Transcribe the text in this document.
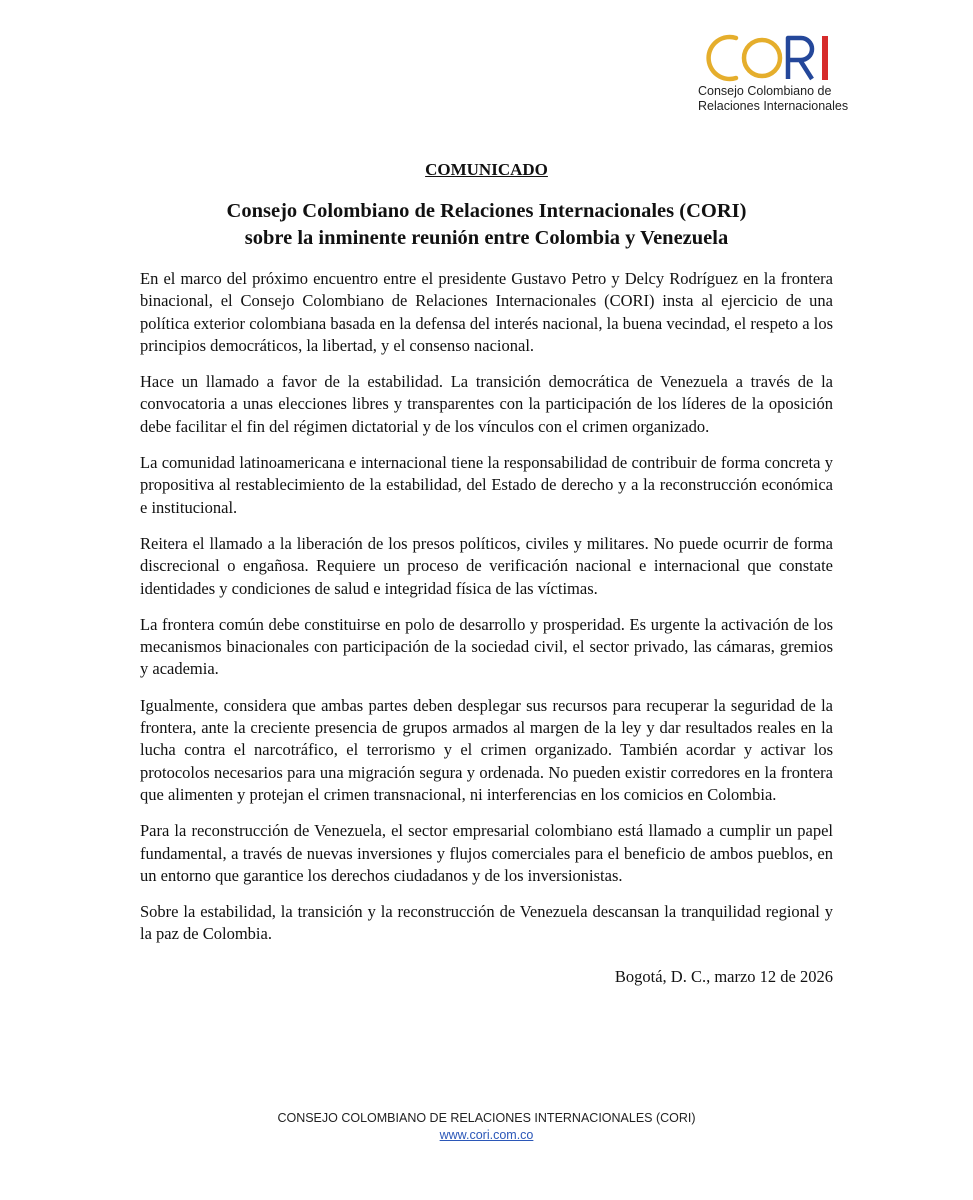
Consejo Colombiano de
Relaciones Internacionales
COMUNICADO
Consejo Colombiano de Relaciones Internacionales (CORI)
sobre la inminente reunión entre Colombia y Venezuela

En el marco del próximo encuentro entre el presidente Gustavo Petro y Delcy Rodríguez en la frontera binacional, el Consejo Colombiano de Relaciones Internacionales (CORI) insta al ejercicio de una política exterior colombiana basada en la defensa del interés nacional, la buena vecindad, el respeto a los principios democráticos, la libertad, y el consenso nacional.

Hace un llamado a favor de la estabilidad. La transición democrática de Venezuela a través de la convocatoria a unas elecciones libres y transparentes con la participación de los líderes de la oposición debe facilitar el fin del régimen dictatorial y de los vínculos con el crimen organizado.

La comunidad latinoamericana e internacional tiene la responsabilidad de contribuir de forma concreta y propositiva al restablecimiento de la estabilidad, del Estado de derecho y a la reconstrucción económica e institucional.

Reitera el llamado a la liberación de los presos políticos, civiles y militares. No puede ocurrir de forma discrecional o engañosa. Requiere un proceso de verificación nacional e internacional que constate identidades y condiciones de salud e integridad física de las víctimas.

La frontera común debe constituirse en polo de desarrollo y prosperidad. Es urgente la activación de los mecanismos binacionales con participación de la sociedad civil, el sector privado, las cámaras, gremios y academia.

Igualmente, considera que ambas partes deben desplegar sus recursos para recuperar la seguridad de la frontera, ante la creciente presencia de grupos armados al margen de la ley y dar resultados reales en la lucha contra el narcotráfico, el terrorismo y el crimen organizado. También acordar y activar los protocolos necesarios para una migración segura y ordenada. No pueden existir corredores en la frontera que alimenten y protejan el crimen transnacional, ni interferencias en los comicios en Colombia.

Para la reconstrucción de Venezuela, el sector empresarial colombiano está llamado a cumplir un papel fundamental, a través de nuevas inversiones y flujos comerciales para el beneficio de ambos pueblos, en un entorno que garantice los derechos ciudadanos y de los inversionistas.

Sobre la estabilidad, la transición y la reconstrucción de Venezuela descansan la tranquilidad regional y la paz de Colombia.

Bogotá, D. C., marzo 12 de 2026

CONSEJO COLOMBIANO DE RELACIONES INTERNACIONALES (CORI)
www.cori.com.co
